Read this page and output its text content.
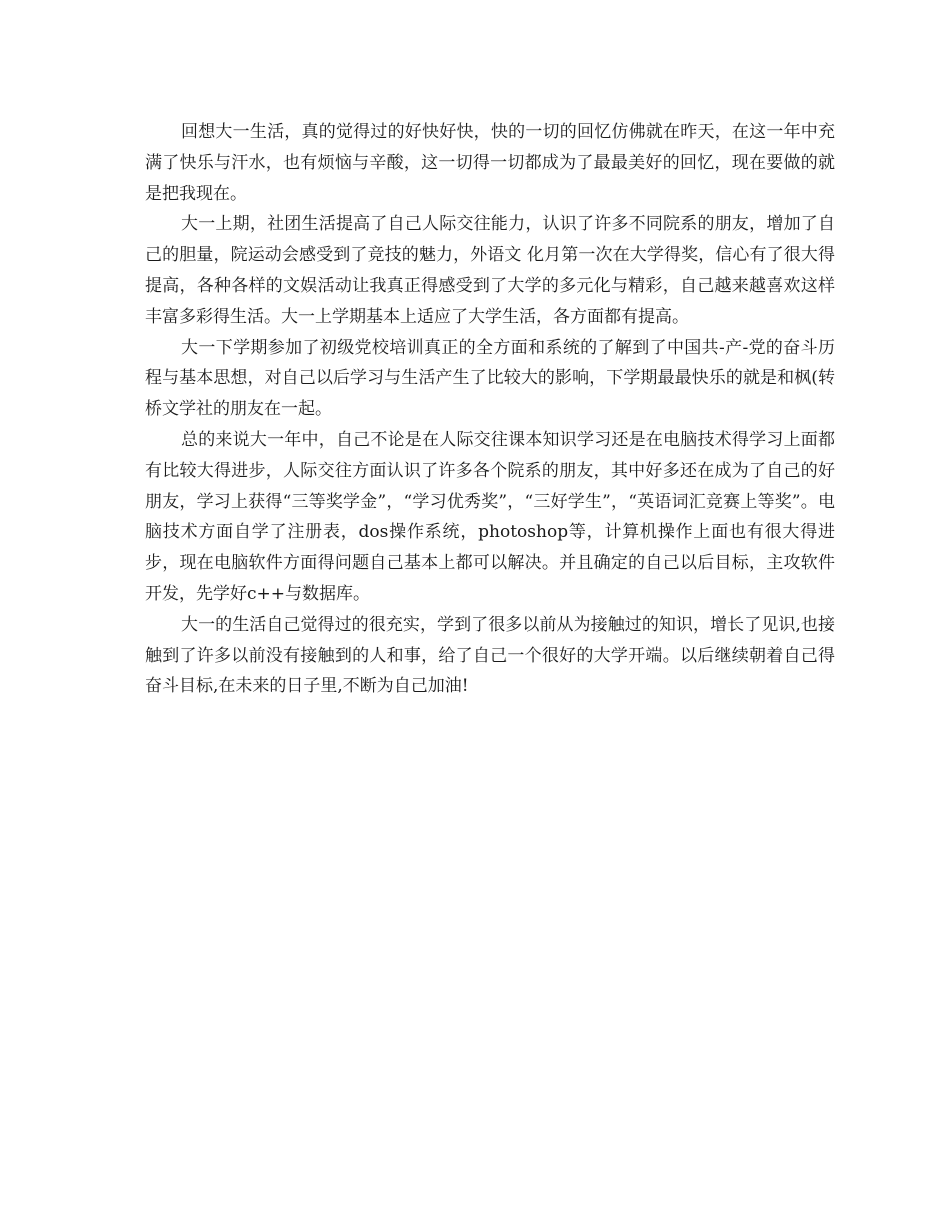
回想大一生活，真的觉得过的好快好快，快的一切的回忆仿佛就在昨天，在这一年中充满了快乐与汗水，也有烦恼与辛酸，这一切得一切都成为了最最美好的回忆，现在要做的就是把我现在。

大一上期，社团生活提高了自己人际交往能力，认识了许多不同院系的朋友，增加了自己的胆量，院运动会感受到了竞技的魅力，外语文 化月第一次在大学得奖，信心有了很大得提高，各种各样的文娱活动让我真正得感受到了大学的多元化与精彩，自己越来越喜欢这样丰富多彩得生活。大一上学期基本上适应了大学生活，各方面都有提高。

大一下学期参加了初级党校培训真正的全方面和系统的了解到了中国共-产-党的奋斗历程与基本思想，对自己以后学习与生活产生了比较大的影响，下学期最最快乐的就是和枫(转 桥文学社的朋友在一起。

总的来说大一年中，自己不论是在人际交往课本知识学习还是在电脑技术得学习上面都有比较大得进步，人际交往方面认识了许多各个院系的朋友，其中好多还在成为了自己的好朋友，学习上获得“三等奖学金”，“学习优秀奖”，“三好学生”，“英语词汇竞赛上等奖”。电脑技术方面自学了注册表，dos操作系统，photoshop等，计算机操作上面也有很大得进步，现在电脑软件方面得问题自己基本上都可以解决。并且确定的自己以后目标，主攻软件开发，先学好c++与数据库。

大一的生活自己觉得过的很充实，学到了很多以前从为接触过的知识，增长了见识,也接触到了许多以前没有接触到的人和事，给了自己一个很好的大学开端。以后继续朝着自己得奋斗目标,在未来的日子里,不断为自己加油!
